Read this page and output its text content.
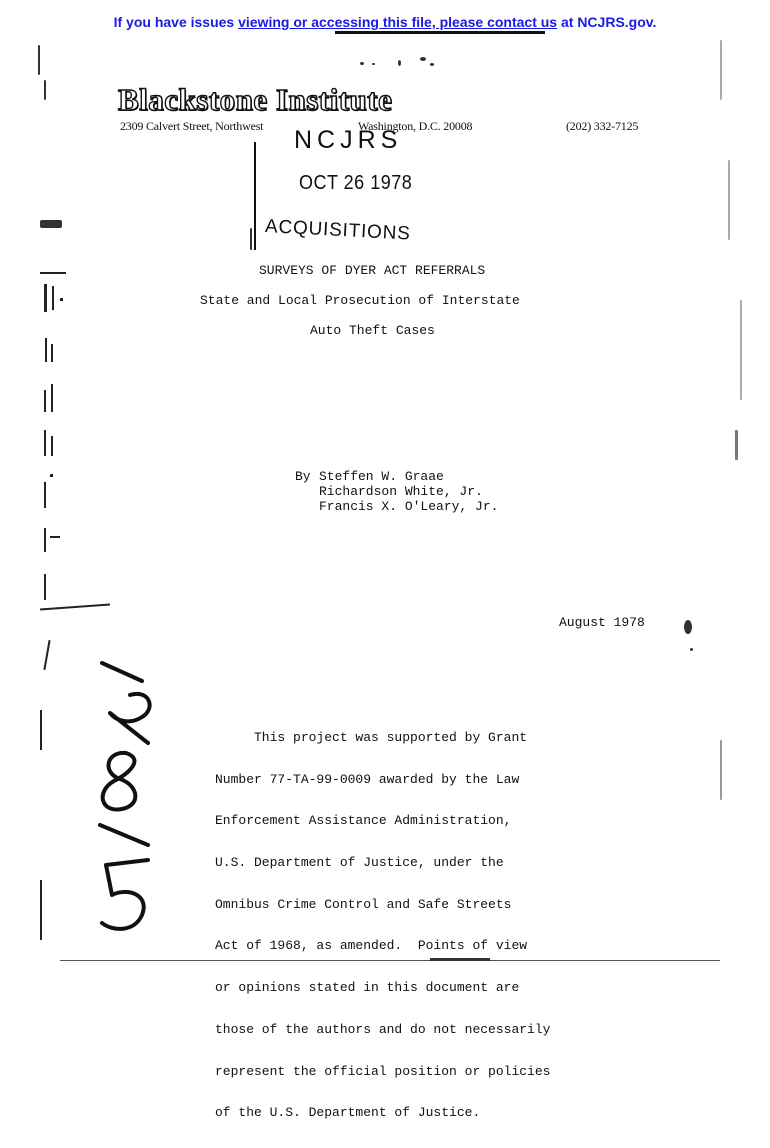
If you have issues viewing or accessing this file, please contact us at NCJRS.gov.
Blackstone Institute
2309 Calvert Street, Northwest	Washington, D.C. 20008	(202) 332-7125
NCJRS
OCT 26 1978
ACQUISITIONS
SURVEYS OF DYER ACT REFERRALS
State and Local Prosecution of Interstate
Auto Theft Cases
By Steffen W. Graae
Richardson White, Jr.
Francis X. O'Leary, Jr.
August 1978

This project was supported by Grant

Number 77-TA-99-0009 awarded by the Law

Enforcement Assistance Administration,

U.S. Department of Justice, under the

Omnibus Crime Control and Safe Streets

Act of 1968, as amended.  Points of view

or opinions stated in this document are

those of the authors and do not necessarily

represent the official position or policies

of the U.S. Department of Justice.
